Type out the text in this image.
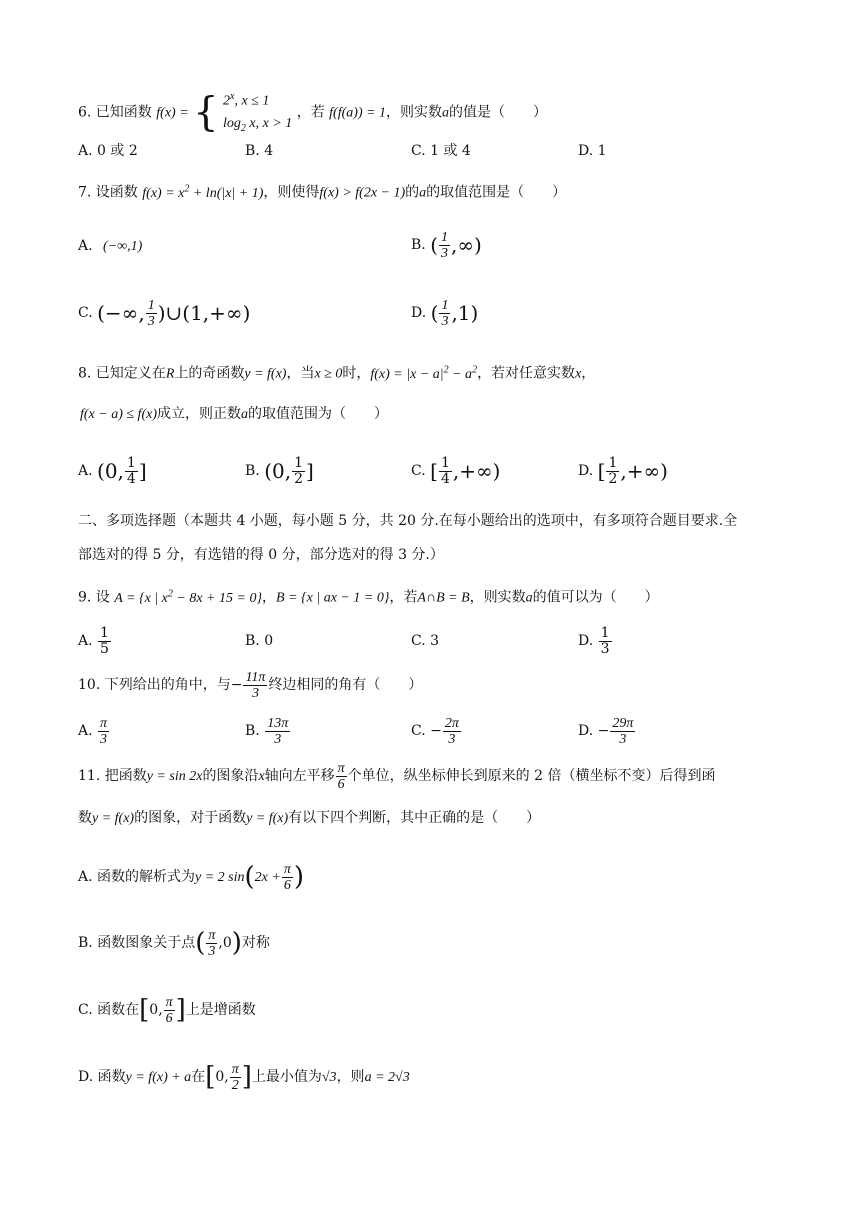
6. 已知函数 f(x) = { 2$^x$, x ≤ 1
$\log_2 x$, x > 1
，若 f(f(a)) = 1，则实数a的值是（　　）
A. 0 或 2	B. 4	C. 1 或 4	D. 1
7. 设函数 $f(x) = x^2 + \ln(|x| + 1)$，则使得f(x) > f(2x − 1)的a的取值范围是（　　）
A. (−∞,1)	B. ( $\frac{1}{3}$ ,∞)
C. (−∞, $\frac{1}{3}$ )∪(1,+∞)	D. ( $\frac{1}{3} ,1$)
8. 已知定义在R上的奇函数y = f(x)，当x ≥ 0时，$f(x) = |x - a|^2 - a^2$，若对任意实数x，
f(x − a) ≤ f(x)成立，则正数a的取值范围为（　　）
A. (0, $\frac{1}{4}$ ]	B. (0, $\frac{1}{2}$ ]	C. [ $\frac{1}{4}$ ,+∞)	D. [ $\frac{1}{2}$ ,+∞)
二、多项选择题（本题共 4 小题，每小题 5 分，共 20 分.在每小题给出的选项中，有多项符合题目要求.全
部选对的得 5 分，有选错的得 0 分，部分选对的得 3 分.）
9. 设 A = {x | $x^2 - 8x + 15 = 0$}，B = {x | ax − 1 = 0}，若A∩B = B，则实数a的值可以为（　　）
A. $\frac{1}{5}$	B. 0	C. 3	D. $\frac{1}{3}$
10. 下列给出的角中，与− $\frac{11\pi}{3}$ 终边相同的角有（　　）
A. $\frac{\pi}{3}$	B. $\frac{13\pi}{3}$	C. − $\frac{2\pi}{3}$	D. − $\frac{29\pi}{3}$
11. 把函数y = sin 2x的图象沿x轴向左平移 $\frac{\pi}{6}$ 个单位，纵坐标伸长到原来的 2 倍（横坐标不变）后得到函
数y = f(x)的图象，对于函数y = f(x)有以下四个判断，其中正确的是（　　）
A. 函数的解析式为y = 2 $\sin(2x + \frac{\pi}{6}$ )
B. 函数图象关于点( $\frac{\pi}{3} ,0$)对称
C. 函数在[0, $\frac{\pi}{6}$ ]上是增函数
D. 函数y = f(x) + a在[0, $\frac{\pi}{2}$ ]上最小值为√3，则a = 2√3
